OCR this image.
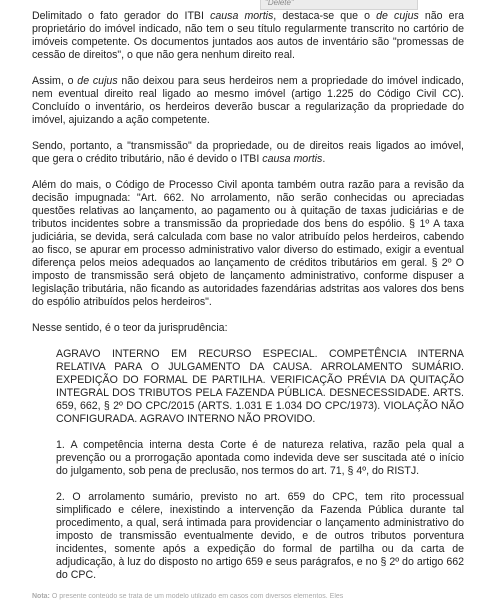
"Delete"

Delimitado o fato gerador do ITBI causa mortis, destaca-se que o de cujus não era proprietário do imóvel indicado, não tem o seu título regularmente transcrito no cartório de imóveis competente. Os documentos juntados aos autos de inventário são "promessas de cessão de direitos", o que não gera nenhum direito real.

Assim, o de cujus não deixou para seus herdeiros nem a propriedade do imóvel indicado, nem eventual direito real ligado ao mesmo imóvel (artigo 1.225 do Código Civil CC). Concluído o inventário, os herdeiros deverão buscar a regularização da propriedade do imóvel, ajuizando a ação competente.

Sendo, portanto, a "transmissão" da propriedade, ou de direitos reais ligados ao imóvel, que gera o crédito tributário, não é devido o ITBI causa mortis.

Além do mais, o Código de Processo Civil aponta também outra razão para a revisão da decisão impugnada: "Art. 662. No arrolamento, não serão conhecidas ou apreciadas questões relativas ao lançamento, ao pagamento ou à quitação de taxas judiciárias e de tributos incidentes sobre a transmissão da propriedade dos bens do espólio. § 1º A taxa judiciária, se devida, será calculada com base no valor atribuído pelos herdeiros, cabendo ao fisco, se apurar em processo administrativo valor diverso do estimado, exigir a eventual diferença pelos meios adequados ao lançamento de créditos tributários em geral. § 2º O imposto de transmissão será objeto de lançamento administrativo, conforme dispuser a legislação tributária, não ficando as autoridades fazendárias adstritas aos valores dos bens do espólio atribuídos pelos herdeiros".

Nesse sentido, é o teor da jurisprudência:

AGRAVO INTERNO EM RECURSO ESPECIAL. COMPETÊNCIA INTERNA RELATIVA PARA O JULGAMENTO DA CAUSA. ARROLAMENTO SUMÁRIO. EXPEDIÇÃO DO FORMAL DE PARTILHA. VERIFICAÇÃO PRÉVIA DA QUITAÇÃO INTEGRAL DOS TRIBUTOS PELA FAZENDA PÚBLICA. DESNECESSIDADE. ARTS. 659, 662, § 2º DO CPC/2015 (ARTS. 1.031 E 1.034 DO CPC/1973). VIOLAÇÃO NÃO CONFIGURADA. AGRAVO INTERNO NÃO PROVIDO.

1. A competência interna desta Corte é de natureza relativa, razão pela qual a prevenção ou a prorrogação apontada como indevida deve ser suscitada até o início do julgamento, sob pena de preclusão, nos termos do art. 71, § 4º, do RISTJ.

2. O arrolamento sumário, previsto no art. 659 do CPC, tem rito processual simplificado e célere, inexistindo a intervenção da Fazenda Pública durante tal procedimento, a qual, será intimada para providenciar o lançamento administrativo do imposto de transmissão eventualmente devido, e de outros tributos porventura incidentes, somente após a expedição do formal de partilha ou da carta de adjudicação, à luz do disposto no artigo 659 e seus parágrafos, e no § 2º do artigo 662 do CPC.

Nota: O presente conteúdo se trata de um modelo utilizado em casos com diversos elementos. Eles
